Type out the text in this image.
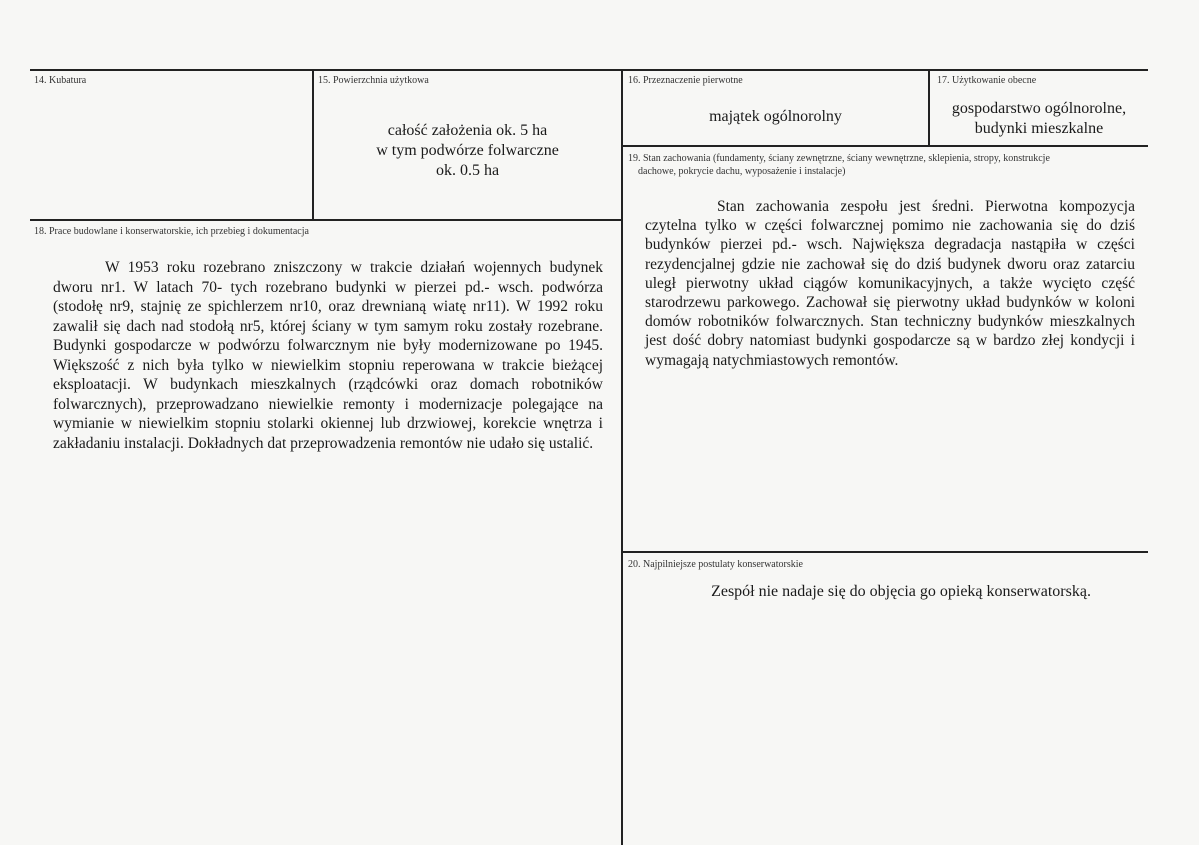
14. Kubatura	15. Powierzchnia użytkowa
całość założenia ok. 5 ha
w tym podwórze folwarczne
ok. 0.5 ha
16. Przeznaczenie pierwotne
majątek ogólnorolny
17. Użytkowanie obecne
gospodarstwo ogólnorolne,
budynki mieszkalne
18. Prace budowlane i konserwatorskie, ich przebieg i dokumentacja

W 1953 roku rozebrano zniszczony w trakcie działań wojennych budynek dworu nr1. W latach 70- tych rozebrano budynki w pierzei pd.- wsch. podwórza (stodołę nr9, stajnię ze spichlerzem nr10, oraz drewnianą wiatę nr11). W 1992 roku zawalił się dach nad stodołą nr5, której ściany w tym samym roku zostały rozebrane. Budynki gospodarcze w podwórzu folwarcznym nie były modernizowane po 1945. Większość z nich była tylko w niewielkim stopniu reperowana w trakcie bieżącej eksploatacji. W budynkach mieszkalnych (rządcówki oraz domach robotników folwarcznych), przeprowadzano niewielkie remonty i modernizacje polegające na wymianie w niewielkim stopniu stolarki okiennej lub drzwiowej, korekcie wnętrza i zakładaniu instalacji. Dokładnych dat przeprowadzenia remontów nie udało się ustalić.

19. Stan zachowania (fundamenty, ściany zewnętrzne, ściany wewnętrzne, sklepienia, stropy, konstrukcje
dachowe, pokrycie dachu, wyposażenie i instalacje)

Stan zachowania zespołu jest średni. Pierwotna kompozycja czytelna tylko w części folwarcznej pomimo nie zachowania się do dziś budynków pierzei pd.- wsch. Największa degradacja nastąpiła w części rezydencjalnej gdzie nie zachował się do dziś budynek dworu oraz zatarciu uległ pierwotny układ ciągów komunikacyjnych, a także wycięto część starodrzewu parkowego. Zachował się pierwotny układ budynków w koloni domów robotników folwarcznych. Stan techniczny budynków mieszkalnych jest dość dobry natomiast budynki gospodarcze są w bardzo złej kondycji i wymagają natychmiastowych remontów.

20. Najpilniejsze postulaty konserwatorskie
Zespół nie nadaje się do objęcia go opieką konserwatorską.
